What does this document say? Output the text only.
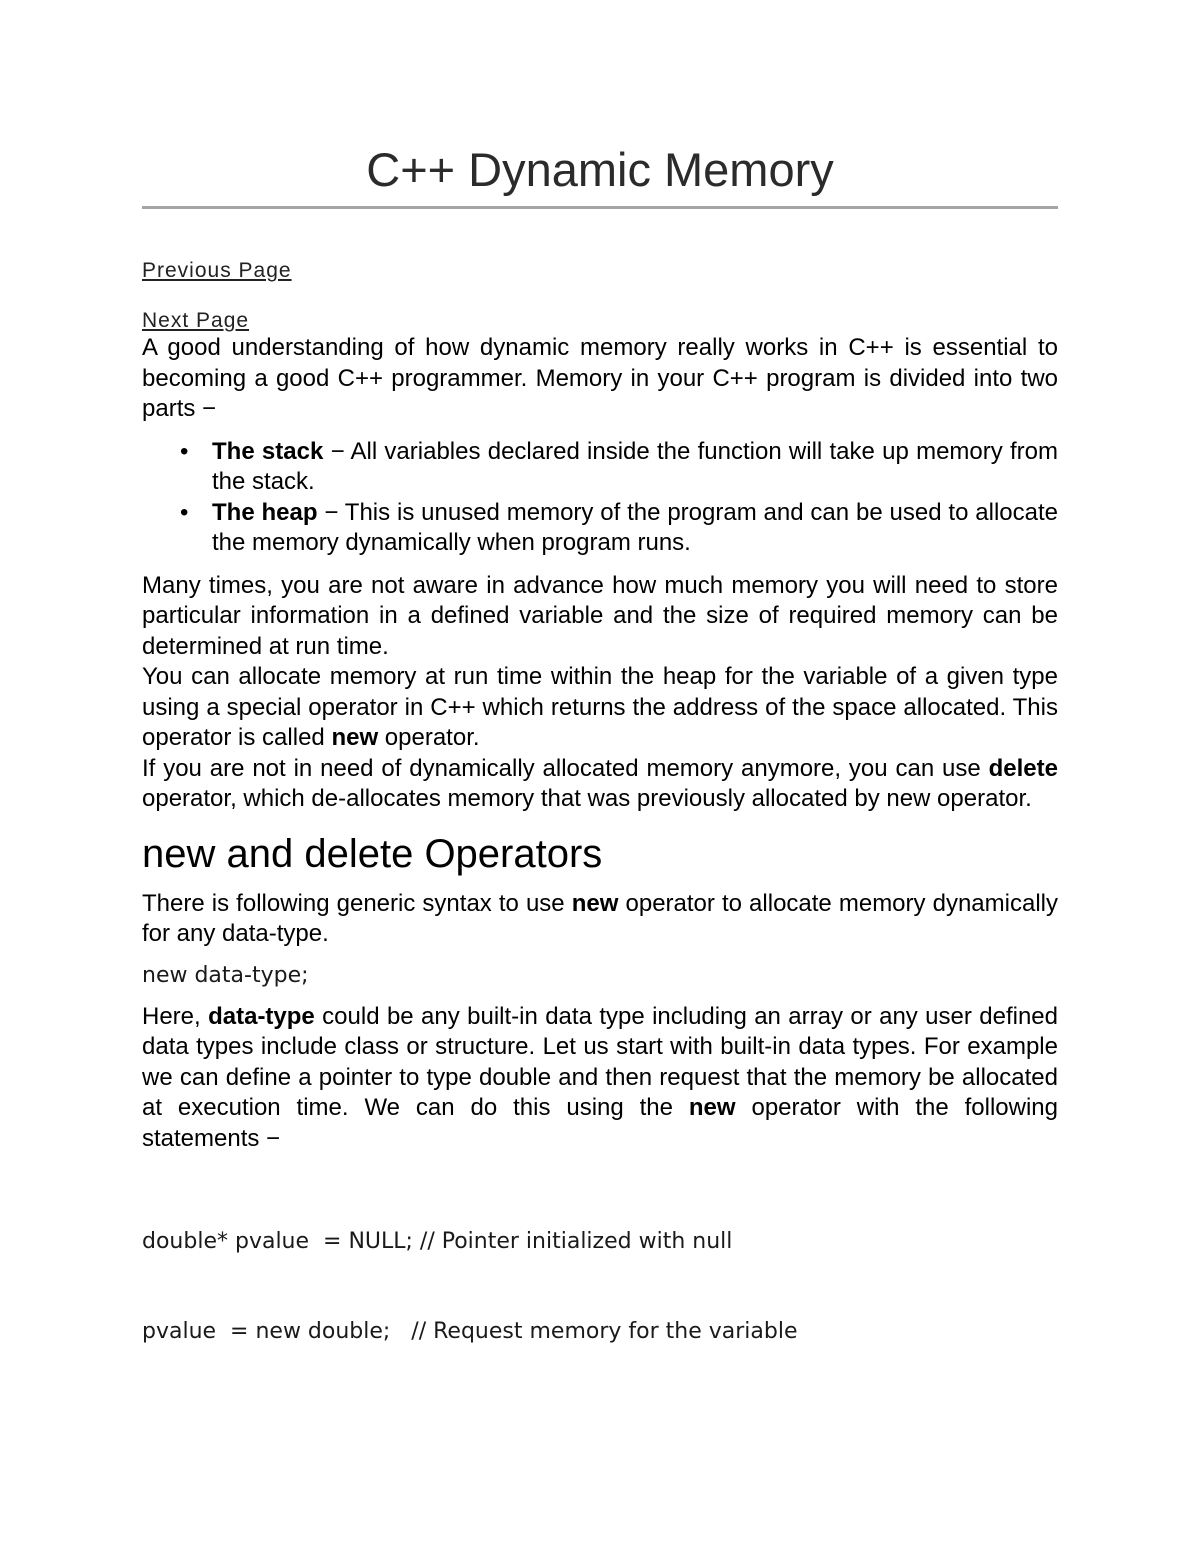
C++ Dynamic Memory
Previous Page
Next Page

A good understanding of how dynamic memory really works in C++ is essential to becoming a good C++ programmer. Memory in your C++ program is divided into two parts −

• The stack − All variables declared inside the function will take up memory from the stack.
• The heap − This is unused memory of the program and can be used to allocate the memory dynamically when program runs.

Many times, you are not aware in advance how much memory you will need to store particular information in a defined variable and the size of required memory can be determined at run time.

You can allocate memory at run time within the heap for the variable of a given type using a special operator in C++ which returns the address of the space allocated. This operator is called new operator.

If you are not in need of dynamically allocated memory anymore, you can use delete operator, which de-allocates memory that was previously allocated by new operator.

new and delete Operators

There is following generic syntax to use new operator to allocate memory dynamically for any data-type.

new data-type;

Here, data-type could be any built-in data type including an array or any user defined data types include class or structure. Let us start with built-in data types. For example we can define a pointer to type double and then request that the memory be allocated at execution time. We can do this using the new operator with the following statements −

double* pvalue  = NULL; // Pointer initialized with null

pvalue  = new double;   // Request memory for the variable
